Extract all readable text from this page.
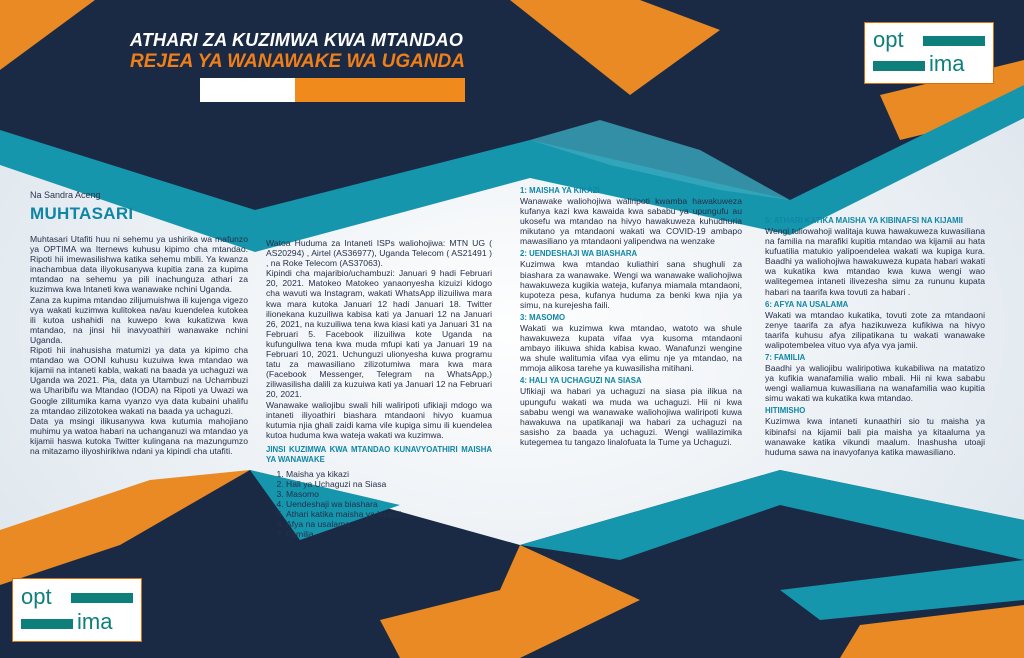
ATHARI ZA KUZIMWA KWA MTANDAO
REJEA YA WANAWAKE WA UGANDA
opt
ima
opt
ima
Na Sandra Aceng
MUHTASARI

Muhtasari Utafiti huu ni sehemu ya ushirika wa mafunzo ya OPTIMA wa Iternews kuhusu kipimo cha mtandao. Ripoti hii imewasilishwa katika sehemu mbili. Ya kwanza inachambua data iliyokusanywa kupitia zana za kupima mtandao na sehemu ya pili inachunguza athari za kuzimwa kwa Intaneti kwa wanawake nchini Uganda.

Zana za kupima mtandao zilijumuishwa ili kujenga vigezo vya wakati kuzimwa kulitokea na/au kuendelea kutokea ili kutoa ushahidi na kuwepo kwa kukatizwa kwa mtandao, na jinsi hii inavyoathiri wanawake nchini Uganda.

Ripoti hii inahusisha matumizi ya data ya kipimo cha mtandao wa OONI kuhusu kuzuiwa kwa mtandao wa kijamii na intaneti kabla, wakati na baada ya uchaguzi wa Uganda wa 2021. Pia, data ya Utambuzi na Uchambuzi wa Uharibifu wa Mtandao (IODA) na Ripoti ya Uwazi wa Google zilitumika kama vyanzo vya data kubaini uhalifu za mtandao zilizotokea wakati na baada ya uchaguzi.

Data ya msingi ilikusanywa kwa kutumia mahojiano muhimu ya watoa habari na uchanganuzi wa mtandao ya kijamii haswa kutoka Twitter kulingana na mazungumzo na mitazamo iliyoshirikiwa ndani ya kipindi cha utafiti.

Watoa Huduma za Intaneti ISPs waliohojiwa: MTN UG ( AS20294) , Airtel (AS36977), Uganda Telecom ( AS21491 ) , na Roke Telecom (AS37063).

Kipindi cha majaribio/uchambuzi: Januari 9 hadi Februari 20, 2021. Matokeo Matokeo yanaonyesha kizuizi kidogo cha wavuti wa Instagram, wakati WhatsApp ilizuiliwa mara kwa mara kutoka Januari 12 hadi Januari 18. Twitter ilionekana kuzuiliwa kabisa kati ya Januari 12 na Januari 26, 2021, na kuzuiliwa tena kwa kiasi kati ya Januari 31 na Februari 5. Facebook ilizuiliwa kote Uganda na kufunguliwa tena kwa muda mfupi kati ya Januari 19 na Februari 10, 2021. Uchunguzi ulionyesha kuwa programu tatu za mawasiliano zilizotumiwa mara kwa mara (Facebook Messenger, Telegram na WhatsApp,) ziliwasilisha dalili za kuzuiwa kati ya Januari 12 na Februari 20, 2021.

Wanawake waliojibu swali hili waliripoti ufikiaji mdogo wa intaneti iliyoathiri biashara mtandaoni hivyo kuamua kutumia njia ghali zaidi kama vile kupiga simu ili kuendelea kutoa huduma kwa wateja wakati wa kuzimwa.

JINSI KUZIMWA KWA MTANDAO KUNAVYOATHIRI MAISHA YA WANAWAKE
1. Maisha ya kikazi
2. Hali ya Uchaguzi na Siasa
3. Masomo
4. Uendeshaji wa biashara
5. Athari katika maisha ya kijamii
6. Afya na usalama
7. Familia
1: MAISHA YA KIKAZI

Wanawake waliohojiwa waliripoti kwamba hawakuweza kufanya kazi kwa kawaida kwa sababu ya upungufu au ukosefu wa mtandao na hivyo hawakuweza kuhudhuria mikutano ya mtandaoni wakati wa COVID-19 ambapo mawasiliano ya mtandaoni yalipendwa na wenzake

2: UENDESHAJI WA BIASHARA

Kuzimwa kwa mtandao kuliathiri sana shughuli za biashara za wanawake. Wengi wa wanawake waliohojiwa hawakuweza kugikia wateja, kufanya miamala mtandaoni, kupoteza pesa, kufanya huduma za benki kwa njia ya simu, na kurejesha faili.

3: MASOMO

Wakati wa kuzimwa kwa mtandao, watoto wa shule hawakuweza kupata vifaa vya kusoma mtandaoni ambayo ilikuwa shida kabisa kwao. Wanafunzi wengine wa shule walitumia vifaa vya elimu nje ya mtandao, na mmoja alikosa tarehe ya kuwasilisha mitihani.

4: HALI YA UCHAGUZI NA SIASA

Ufikiaji wa habari ya uchaguzi na siasa pia ilikua na upungufu wakati wa muda wa uchaguzi. Hii ni kwa sababu wengi wa wanawake waliohojiwa waliripoti kuwa hawakuwa na upatikanaji wa habari za uchaguzi na sasisho za baada ya uchaguzi. Wengi walilazimika kutegemea tu tangazo linalofuata la Tume ya Uchaguzi.

5: ATHARI KATIKA MAISHA YA KIBINAFSI NA KIJAMII

Wengi tuliowahoji walitaja kuwa hawakuweza kuwasiliana na familia na marafiki kupitia mtandao wa kijamii au hata kufuatilia matukio yalipoendelea wakati wa kupiga kura. Baadhi ya waliohojiwa hawakuweza kupata habari wakati wa kukatika kwa mtandao kwa kuwa wengi wao walitegemea intaneti ilivezesha simu za rununu kupata habari na taarifa kwa tovuti za habari .

6: AFYA NA USALAMA

Wakati wa mtandao kukatika, tovuti zote za mtandaoni zenye taarifa za afya hazikuweza kufikiwa na hivyo taarifa kuhusu afya zilipatikana tu wakati wanawake walipotembelea vituo vya afya vya jamii.

7: FAMILIA

Baadhi ya waliojibu waliripotiwa kukabiliwa na matatizo ya kufikia wanafamilia walio mbali. Hii ni kwa sababu wengi waliamua kuwasiliana na wanafamilia wao kupitia simu wakati wa kukatika kwa mtandao.

HITIMISHO

Kuzimwa kwa intaneti kunaathiri sio tu maisha ya kibinafsi na kijamii bali pia maisha ya kitaaluma ya wanawake katika vikundi maalum. Inashusha utoaji huduma sawa na inavyofanya katika mawasiliano.
